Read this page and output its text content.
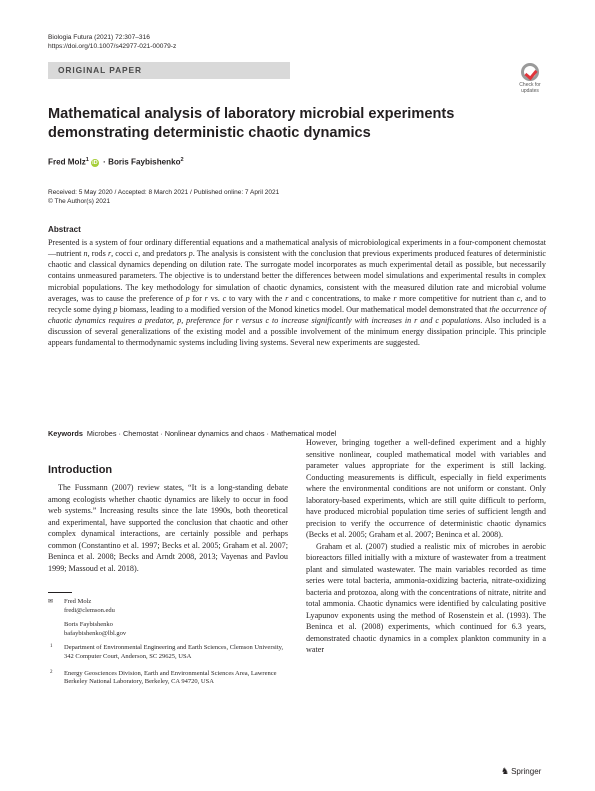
Biologia Futura (2021) 72:307–316
https://doi.org/10.1007/s42977-021-00079-z
ORIGINAL PAPER
Check for
updates
Mathematical analysis of laboratory microbial experiments demonstrating deterministic chaotic dynamics
Fred Molz$^1$ iD · Boris Faybishenko$^2$
Received: 5 May 2020 / Accepted: 8 March 2021 / Published online: 7 April 2021
© The Author(s) 2021
Abstract
Presented is a system of four ordinary differential equations and a mathematical analysis of microbiological experiments in a four-component chemostat—nutrient n, rods r, cocci c, and predators p. The analysis is consistent with the conclusion that previous experiments produced features of deterministic chaotic and classical dynamics depending on dilution rate. The surrogate model incorporates as much experimental detail as possible, but necessarily contains unmeasured parameters. The objective is to understand better the differences between model simulations and experimental results in complex microbial populations. The key methodology for simulation of chaotic dynamics, consistent with the measured dilution rate and microbial volume averages, was to cause the preference of p for r vs. c to vary with the r and c concentrations, to make r more competitive for nutrient than c, and to recycle some dying p biomass, leading to a modified version of the Monod kinetics model. Our mathematical model demonstrated that the occurrence of chaotic dynamics requires a predator, p, preference for r versus c to increase significantly with increases in r and c populations. Also included is a discussion of several generalizations of the existing model and a possible involvement of the minimum energy dissipation principle. This principle appears fundamental to thermodynamic systems including living systems. Several new experiments are suggested.
Keywords Microbes · Chemostat · Nonlinear dynamics and chaos · Mathematical model
Introduction

The Fussmann (2007) review states, “It is a long-standing debate among ecologists whether chaotic dynamics are likely to occur in food web systems.” Increasing results since the late 1990s, both theoretical and experimental, have supported the conclusion that chaotic and other complex dynamical interactions, are certainly possible and perhaps common (Constantino et al. 1997; Becks et al. 2005; Graham et al. 2007; Beninca et al. 2008; Becks and Arndt 2008, 2013; Vayenas and Pavlou 1999; Massoud et al. 2018).

✉ Fred Molz
fredi@clemson.edu
Boris Faybishenko
bafaybishenko@lbl.gov
1 Department of Environmental Engineering and Earth Sciences, Clemson University, 342 Computer Court, Anderson, SC 29625, USA
2 Energy Geosciences Division, Earth and Environmental Sciences Area, Lawrence Berkeley National Laboratory, Berkeley, CA 94720, USA

However, bringing together a well-defined experiment and a highly sensitive nonlinear, coupled mathematical model with variables and parameter values appropriate for the experiment is still lacking. Conducting measurements is difficult, especially in field experiments where the environmental conditions are not uniform or constant. Only laboratory-based experiments, which are still quite difficult to perform, have produced microbial population time series of sufficient length and precision to verify the occurrence of deterministic chaotic dynamics (Becks et al. 2005; Graham et al. 2007; Beninca et al. 2008).

Graham et al. (2007) studied a realistic mix of microbes in aerobic bioreactors filled initially with a mixture of wastewater from a treatment plant and simulated wastewater. The main variables recorded as time series were total bacteria, ammonia-oxidizing bacteria, nitrate-oxidizing bacteria and protozoa, along with the concentrations of nitrate, nitrite and total ammonia. Chaotic dynamics were identified by calculating positive Lyapunov exponents using the method of Rosenstein et al. (1993). The Beninca et al. (2008) experiments, which continued for 6.3 years, demonstrated chaotic dynamics in a complex plankton community in a water

♞ Springer
